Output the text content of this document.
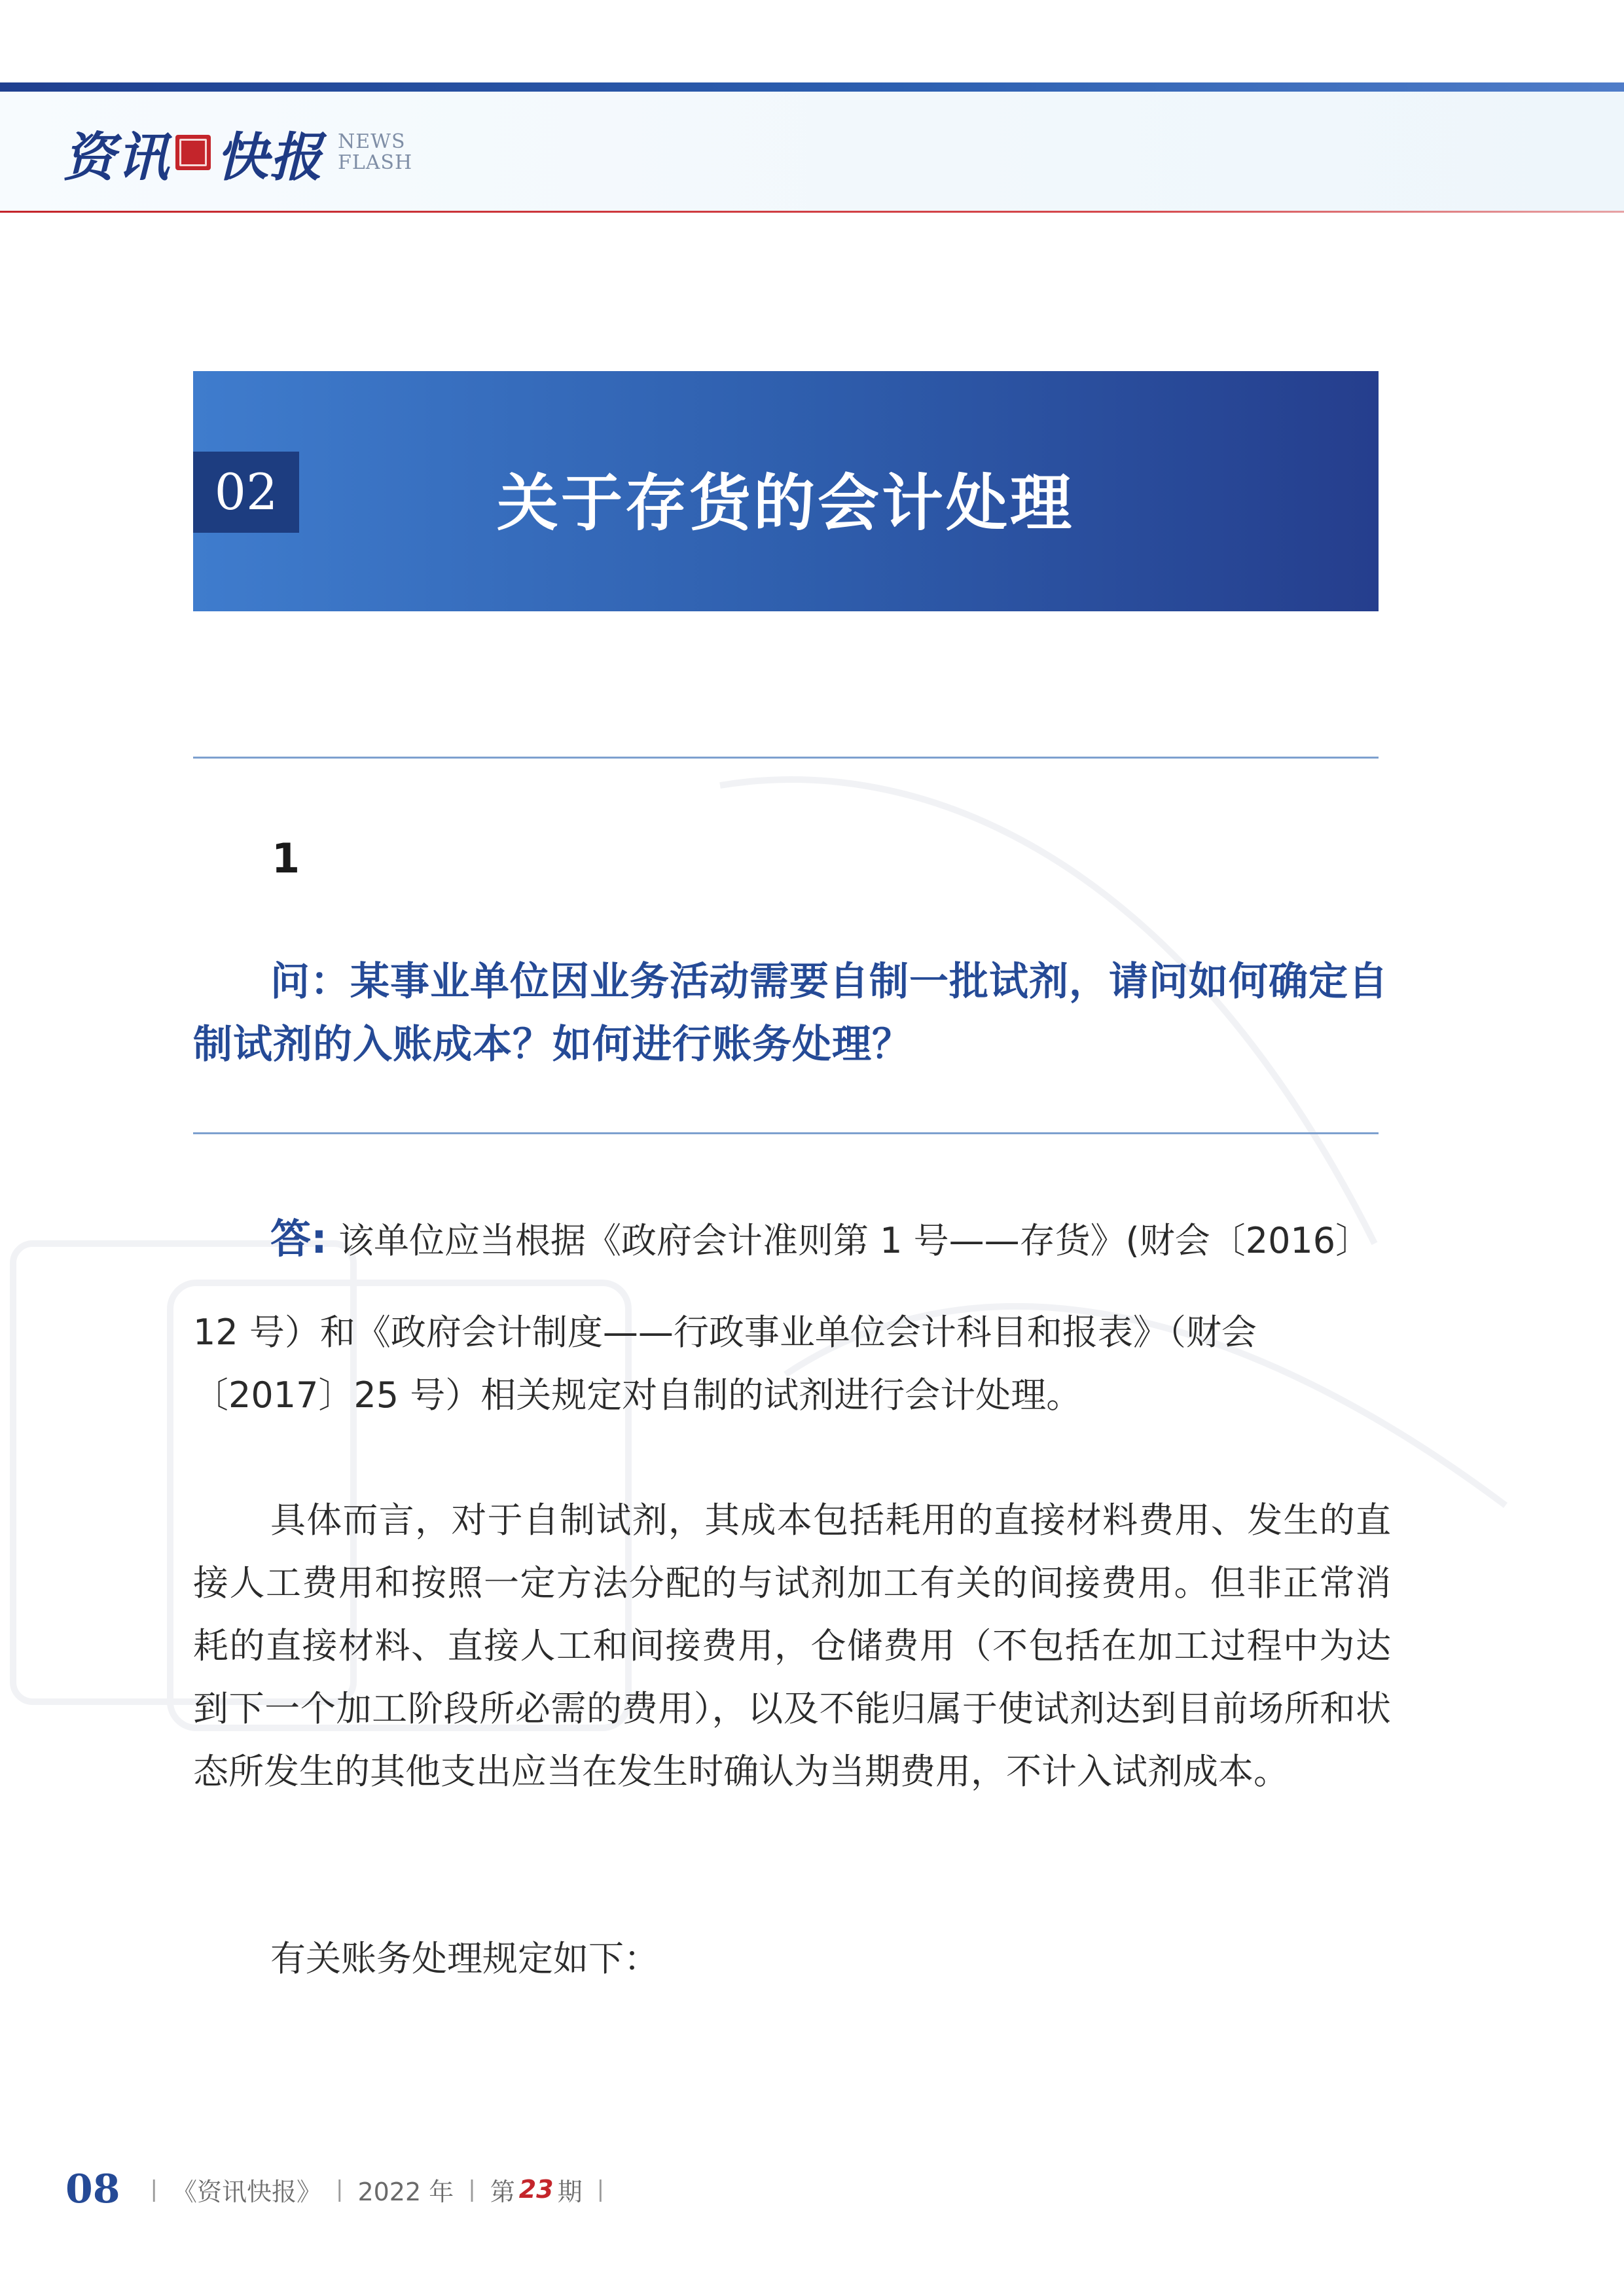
资讯 快报 NEWS
FLASH
02	关于存货的会计处理
1
问：某事业单位因业务活动需要自制一批试剂，请问如何确定自制试剂的入账成本？如何进行账务处理？
答: 该单位应当根据《政府会计准则第 1 号——存货》(财会〔2016〕
12 号）和《政府会计制度——行政事业单位会计科目和报表》（财会〔2017〕25 号）相关规定对自制的试剂进行会计处理。
具体而言，对于自制试剂，其成本包括耗用的直接材料费用、发生的直接人工费用和按照一定方法分配的与试剂加工有关的间接费用。但非正常消耗的直接材料、直接人工和间接费用，仓储费用（不包括在加工过程中为达到下一个加工阶段所必需的费用），以及不能归属于使试剂达到目前场所和状态所发生的其他支出应当在发生时确认为当期费用，不计入试剂成本。
有关账务处理规定如下：
08 | 《资讯快报》 | 2022 年 | 第 23 期 |
